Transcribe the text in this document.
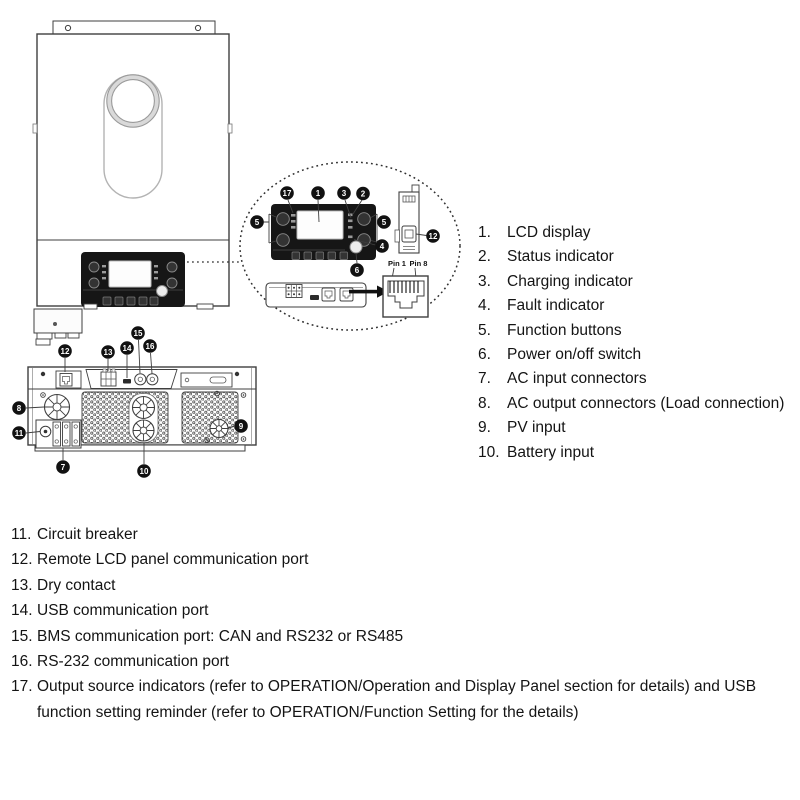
Pin 1 Pin 8
17	1	3 2
5	5
4
6
12
12	13 14
15
16
8
11
7	10
9
1.	LCD display
2.	Status indicator
3.	Charging indicator
4.	Fault indicator
5.	Function buttons
6.	Power on/off switch
7.	AC input connectors
8.	AC output connectors (Load connection)
9.	PV input
10. Battery input
11. Circuit breaker
12. Remote LCD panel communication port
13. Dry contact
14. USB communication port
15. BMS communication port: CAN and RS232 or RS485
16. RS-232 communication port
17. Output source indicators (refer to OPERATION/Operation and Display Panel section for details) and USB function setting reminder (refer to OPERATION/Function Setting for the details)
